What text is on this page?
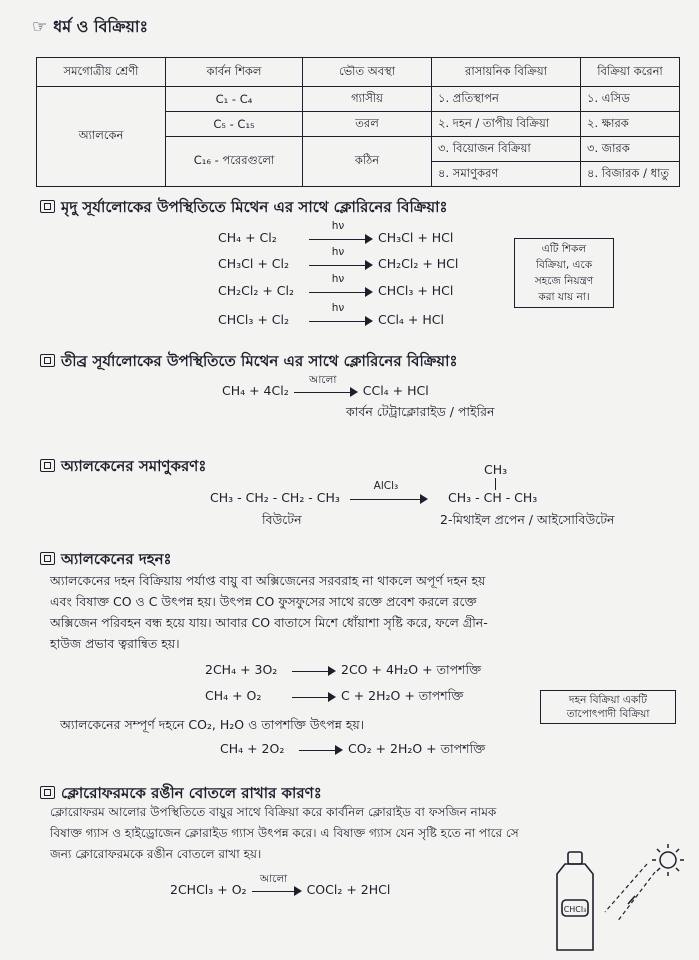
☞ ধর্ম ও বিক্রিয়াঃ
সমগোত্রীয় শ্রেণী	কার্বন শিকল	ভৌত অবস্থা	রাসায়নিক বিক্রিয়া	বিক্রিয়া করেনা
অ্যালকেন	C₁ - C₄	গ্যাসীয়	১. প্রতিস্থাপন	১. এসিড
	C₅ - C₁₅	তরল	২. দহন / তাপীয় বিক্রিয়া	২. ক্ষারক
	C₁₆ - পরেরগুলো	কঠিন	৩. বিয়োজন বিক্রিয়া	৩. জারক
			৪. সমাণুকরণ	৪. বিজারক / ধাতু
মৃদু সূর্যালোকের উপস্থিতিতে মিথেন এর সাথে ক্লোরিনের বিক্রিয়াঃ
CH₄ + Cl₂
hν
CH₃Cl + HCl
CH₃Cl + Cl₂
hν
CH₂Cl₂ + HCl
CH₂Cl₂ + Cl₂
hν
CHCl₃ + HCl
CHCl₃ + Cl₂
hν
CCl₄ + HCl
এটি শিকল
বিক্রিয়া, একে
সহজে নিয়ন্ত্রণ
করা যায় না।
তীব্র সূর্যালোকের উপস্থিতিতে মিথেন এর সাথে ক্লোরিনের বিক্রিয়াঃ
CH₄ + 4Cl₂
আলো
CCl₄ + HCl
কার্বন টেট্রাক্লোরাইড / পাইরিন
অ্যালকেনের সমাণুকরণঃ
CH₃ - CH₂ - CH₂ - CH₃
AlCl₃
বিউটেন
CH₃
CH₃ - CH - CH₃
2-মিথাইল প্রপেন / আইসোবিউটেন
অ্যালকেনের দহনঃ
অ্যালকেনের দহন বিক্রিয়ায় পর্যাপ্ত বায়ু বা অক্সিজেনের সরবরাহ না থাকলে অপূর্ণ দহন হয়
এবং বিষাক্ত CO ও C উৎপন্ন হয়। উৎপন্ন CO ফুসফুসের সাথে রক্তে প্রবেশ করলে রক্তে
অক্সিজেন পরিবহন বন্ধ হয়ে যায়। আবার CO বাতাসে মিশে ধোঁয়াশা সৃষ্টি করে, ফলে গ্রীন-
হাউজ প্রভাব ত্বরান্বিত হয়।
2CH₄ + 3O₂	2CO + 4H₂O + তাপশক্তি
CH₄ + O₂	C + 2H₂O + তাপশক্তি	দহন বিক্রিয়া একটি
তাপোৎপাদী বিক্রিয়া
অ্যালকেনের সম্পূর্ণ দহনে CO₂, H₂O ও তাপশক্তি উৎপন্ন হয়।
CH₄ + 2O₂	CO₂ + 2H₂O + তাপশক্তি
ক্লোরোফরমকে রঙীন বোতলে রাখার কারণঃ
ক্লোরোফরম আলোর উপস্থিতিতে বায়ুর সাথে বিক্রিয়া করে কার্বনিল ক্লোরাইড বা ফসজিন নামক
বিষাক্ত গ্যাস ও হাইড্রোজেন ক্লোরাইড গ্যাস উৎপন্ন করে। এ বিষাক্ত গ্যাস যেন সৃষ্টি হতে না পারে সে
জন্য ক্লোরোফরমকে রঙীন বোতলে রাখা হয়।
2CHCl₃ + O₂
আলো
COCl₂ + 2HCl
CHCl₃
